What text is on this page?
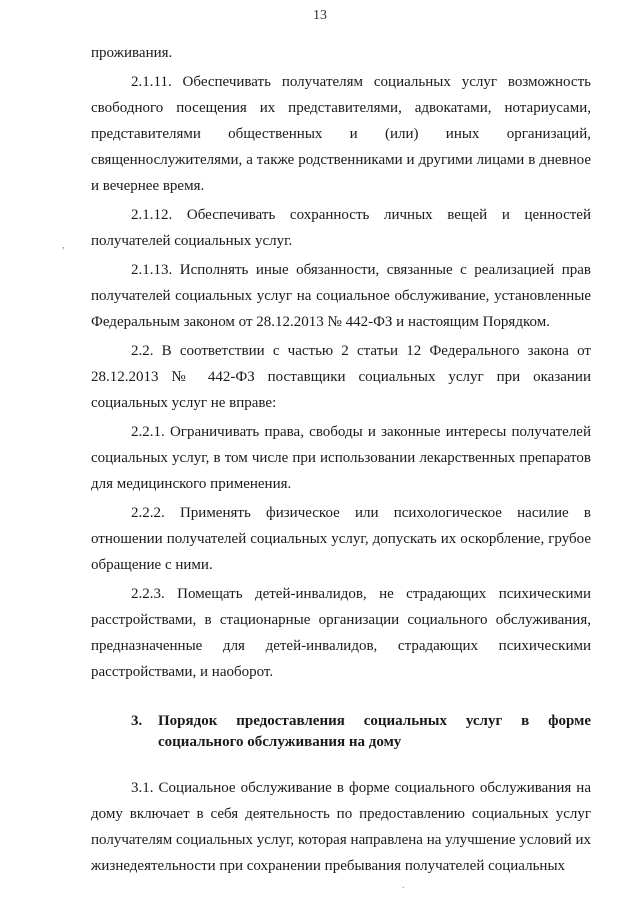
13
,
.

проживания.

2.1.11. Обеспечивать получателям социальных услуг возможность свободного посещения их представителями, адвокатами, нотариусами, представителями общественных и (или) иных организаций, священнослужителями, а также родственниками и другими лицами в дневное и вечернее время.

2.1.12. Обеспечивать сохранность личных вещей и ценностей получателей социальных услуг.

2.1.13. Исполнять иные обязанности, связанные с реализацией прав получателей социальных услуг на социальное обслуживание, установленные Федеральным законом от 28.12.2013 № 442-ФЗ и настоящим Порядком.

2.2. В соответствии с частью 2 статьи 12 Федерального закона от 28.12.2013 № 442-ФЗ поставщики социальных услуг при оказании социальных услуг не вправе:

2.2.1. Ограничивать права, свободы и законные интересы получателей социальных услуг, в том числе при использовании лекарственных препаратов для медицинского применения.

2.2.2. Применять физическое или психологическое насилие в отношении получателей социальных услуг, допускать их оскорбление, грубое обращение с ними.

2.2.3. Помещать детей-инвалидов, не страдающих психическими расстройствами, в стационарные организации социального обслуживания, предназначенные для детей-инвалидов, страдающих психическими расстройствами, и наоборот.

3.	Порядок предоставления социальных услуг в форме социального обслуживания на дому

3.1. Социальное обслуживание в форме социального обслуживания на дому включает в себя деятельность по предоставлению социальных услуг получателям социальных услуг, которая направлена на улучшение условий их жизнедеятельности при сохранении пребывания получателей социальных
